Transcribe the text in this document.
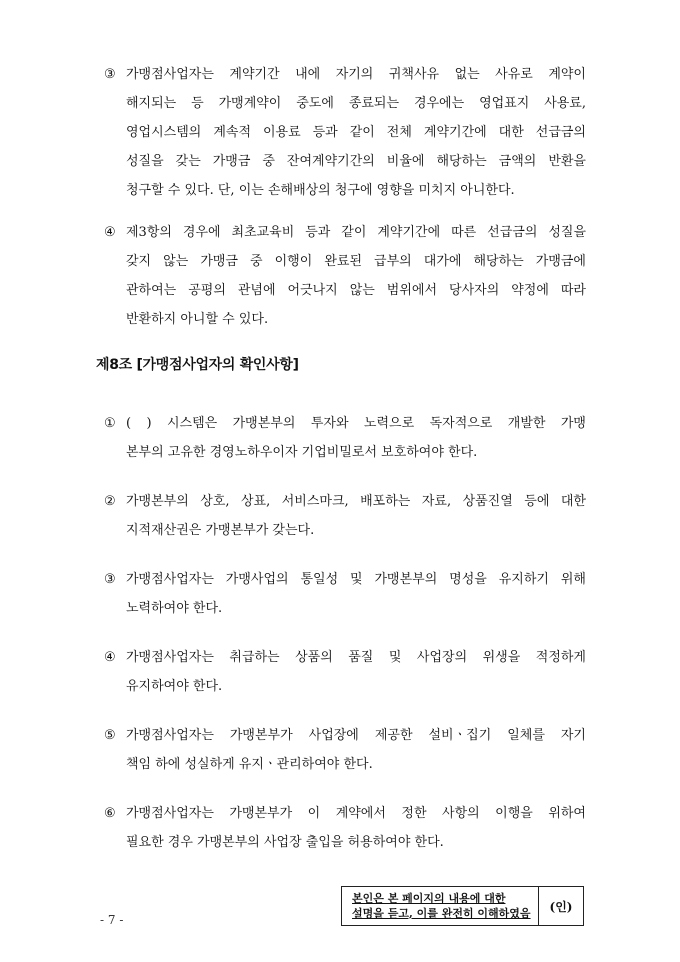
③ 가맹점사업자는 계약기간 내에 자기의 귀책사유 없는 사유로 계약이
해지되는 등 가맹계약이 중도에 종료되는 경우에는 영업표지 사용료,
영업시스템의 계속적 이용료 등과 같이 전체 계약기간에 대한 선급금의
성질을 갖는 가맹금 중 잔여계약기간의 비율에 해당하는 금액의 반환을
청구할 수 있다. 단, 이는 손해배상의 청구에 영향을 미치지 아니한다.
④ 제3항의 경우에 최초교육비 등과 같이 계약기간에 따른 선급금의 성질을
갖지 않는 가맹금 중 이행이 완료된 급부의 대가에 해당하는 가맹금에
관하여는 공평의 관념에 어긋나지 않는 범위에서 당사자의 약정에 따라
반환하지 아니할 수 있다.
제8조 [가맹점사업자의 확인사항]
① ( ) 시스템은 가맹본부의 투자와 노력으로 독자적으로 개발한 가맹
본부의 고유한 경영노하우이자 기업비밀로서 보호하여야 한다.
② 가맹본부의 상호, 상표, 서비스마크, 배포하는 자료, 상품진열 등에 대한
지적재산권은 가맹본부가 갖는다.
③ 가맹점사업자는 가맹사업의 통일성 및 가맹본부의 명성을 유지하기 위해
노력하여야 한다.
④ 가맹점사업자는 취급하는 상품의 품질 및 사업장의 위생을 적정하게
유지하여야 한다.
⑤ 가맹점사업자는 가맹본부가 사업장에 제공한 설비ㆍ집기 일체를 자기
책임 하에 성실하게 유지ㆍ관리하여야 한다.
⑥ 가맹점사업자는 가맹본부가 이 계약에서 정한 사항의 이행을 위하여
필요한 경우 가맹본부의 사업장 출입을 허용하여야 한다.
본인은 본 페이지의 내용에 대한
설명을 듣고, 이를 완전히 이해하였음	(인)
- 7 -
